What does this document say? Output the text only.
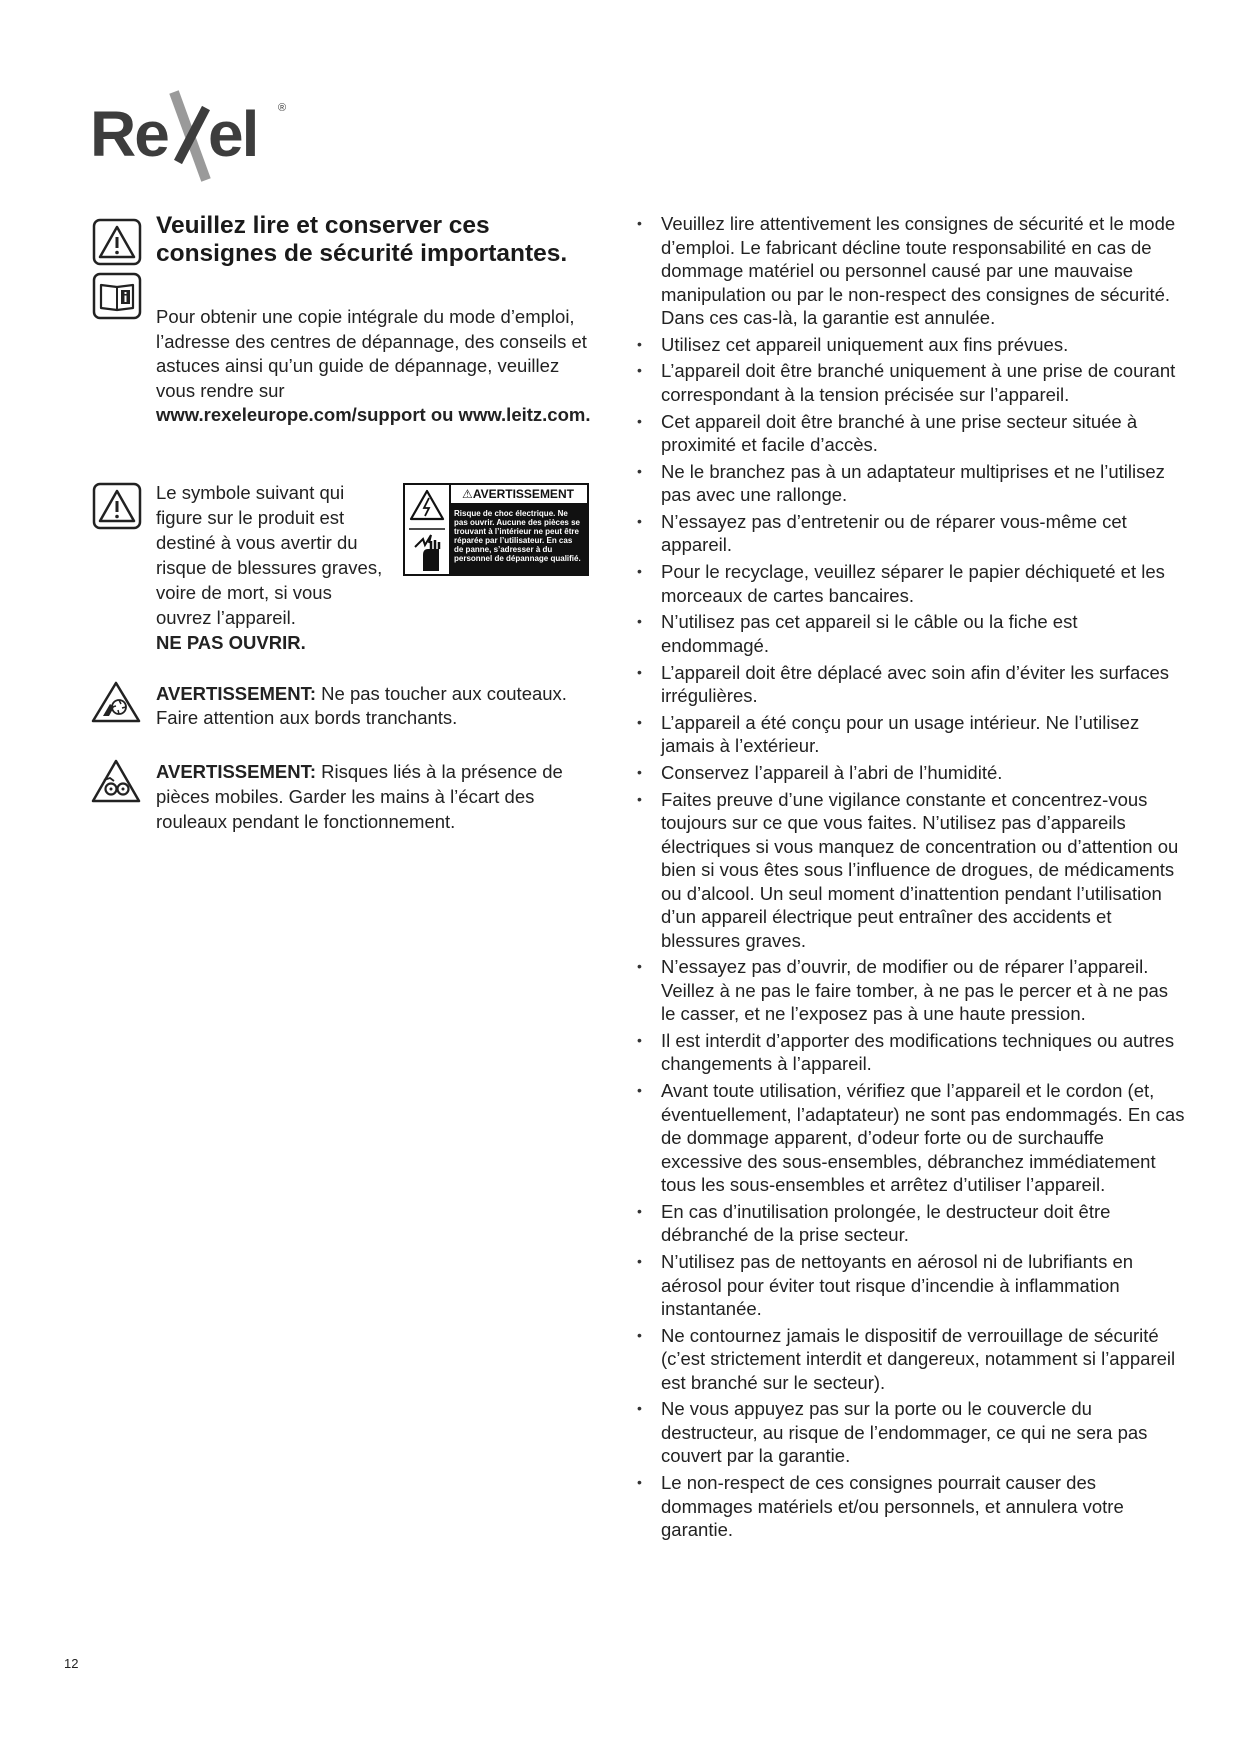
Re el ®
Veuillez lire et conserver ces consignes de sécurité importantes.
Pour obtenir une copie intégrale du mode d’emploi, l’adresse des centres de dépannage, des conseils et astuces ainsi qu’un guide de dépannage, veuillez vous rendre sur
www.rexeleurope.com/support ou www.leitz.com.
Le symbole suivant qui figure sur le produit est destiné à vous avertir du risque de blessures graves, voire de mort, si vous ouvrez l’appareil.
NE PAS OUVRIR.
⚠AVERTISSEMENT
Risque de choc électrique. Ne pas ouvrir. Aucune des pièces se trouvant à l’intérieur ne peut être réparée par l’utilisateur. En cas de panne, s’adresser à du personnel de dépannage qualifié.
AVERTISSEMENT: Ne pas toucher aux couteaux. Faire attention aux bords tranchants.
AVERTISSEMENT: Risques liés à la présence de pièces mobiles. Garder les mains à l’écart des rouleaux pendant le fonctionnement.
• Veuillez lire attentivement les consignes de sécurité et le mode d’emploi. Le fabricant décline toute responsabilité en cas de dommage matériel ou personnel causé par une mauvaise manipulation ou par le non-respect des consignes de sécurité. Dans ces cas-là, la garantie est annulée.
• Utilisez cet appareil uniquement aux fins prévues.
• L’appareil doit être branché uniquement à une prise de courant correspondant à la tension précisée sur l’appareil.
• Cet appareil doit être branché à une prise secteur située à proximité et facile d’accès.
• Ne le branchez pas à un adaptateur multiprises et ne l’utilisez pas avec une rallonge.
• N’essayez pas d’entretenir ou de réparer vous-même cet appareil.
• Pour le recyclage, veuillez séparer le papier déchiqueté et les morceaux de cartes bancaires.
• N’utilisez pas cet appareil si le câble ou la fiche est endommagé.
• L’appareil doit être déplacé avec soin afin d’éviter les surfaces irrégulières.
• L’appareil a été conçu pour un usage intérieur. Ne l’utilisez jamais à l’extérieur.
• Conservez l’appareil à l’abri de l’humidité.
• Faites preuve d’une vigilance constante et concentrez-vous toujours sur ce que vous faites. N’utilisez pas d’appareils électriques si vous manquez de concentration ou d’attention ou bien si vous êtes sous l’influence de drogues, de médicaments ou d’alcool. Un seul moment d’inattention pendant l’utilisation d’un appareil électrique peut entraîner des accidents et blessures graves.
• N’essayez pas d’ouvrir, de modifier ou de réparer l’appareil. Veillez à ne pas le faire tomber, à ne pas le percer et à ne pas le casser, et ne l’exposez pas à une haute pression.
• Il est interdit d’apporter des modifications techniques ou autres changements à l’appareil.
• Avant toute utilisation, vérifiez que l’appareil et le cordon (et, éventuellement, l’adaptateur) ne sont pas endommagés. En cas de dommage apparent, d’odeur forte ou de surchauffe excessive des sous-ensembles, débranchez immédiatement tous les sous-ensembles et arrêtez d’utiliser l’appareil.
• En cas d’inutilisation prolongée, le destructeur doit être débranché de la prise secteur.
• N’utilisez pas de nettoyants en aérosol ni de lubrifiants en aérosol pour éviter tout risque d’incendie à inflammation instantanée.
• Ne contournez jamais le dispositif de verrouillage de sécurité (c’est strictement interdit et dangereux, notamment si l’appareil est branché sur le secteur).
• Ne vous appuyez pas sur la porte ou le couvercle du destructeur, au risque de l’endommager, ce qui ne sera pas couvert par la garantie.
• Le non-respect de ces consignes pourrait causer des dommages matériels et/ou personnels, et annulera votre garantie.
12
